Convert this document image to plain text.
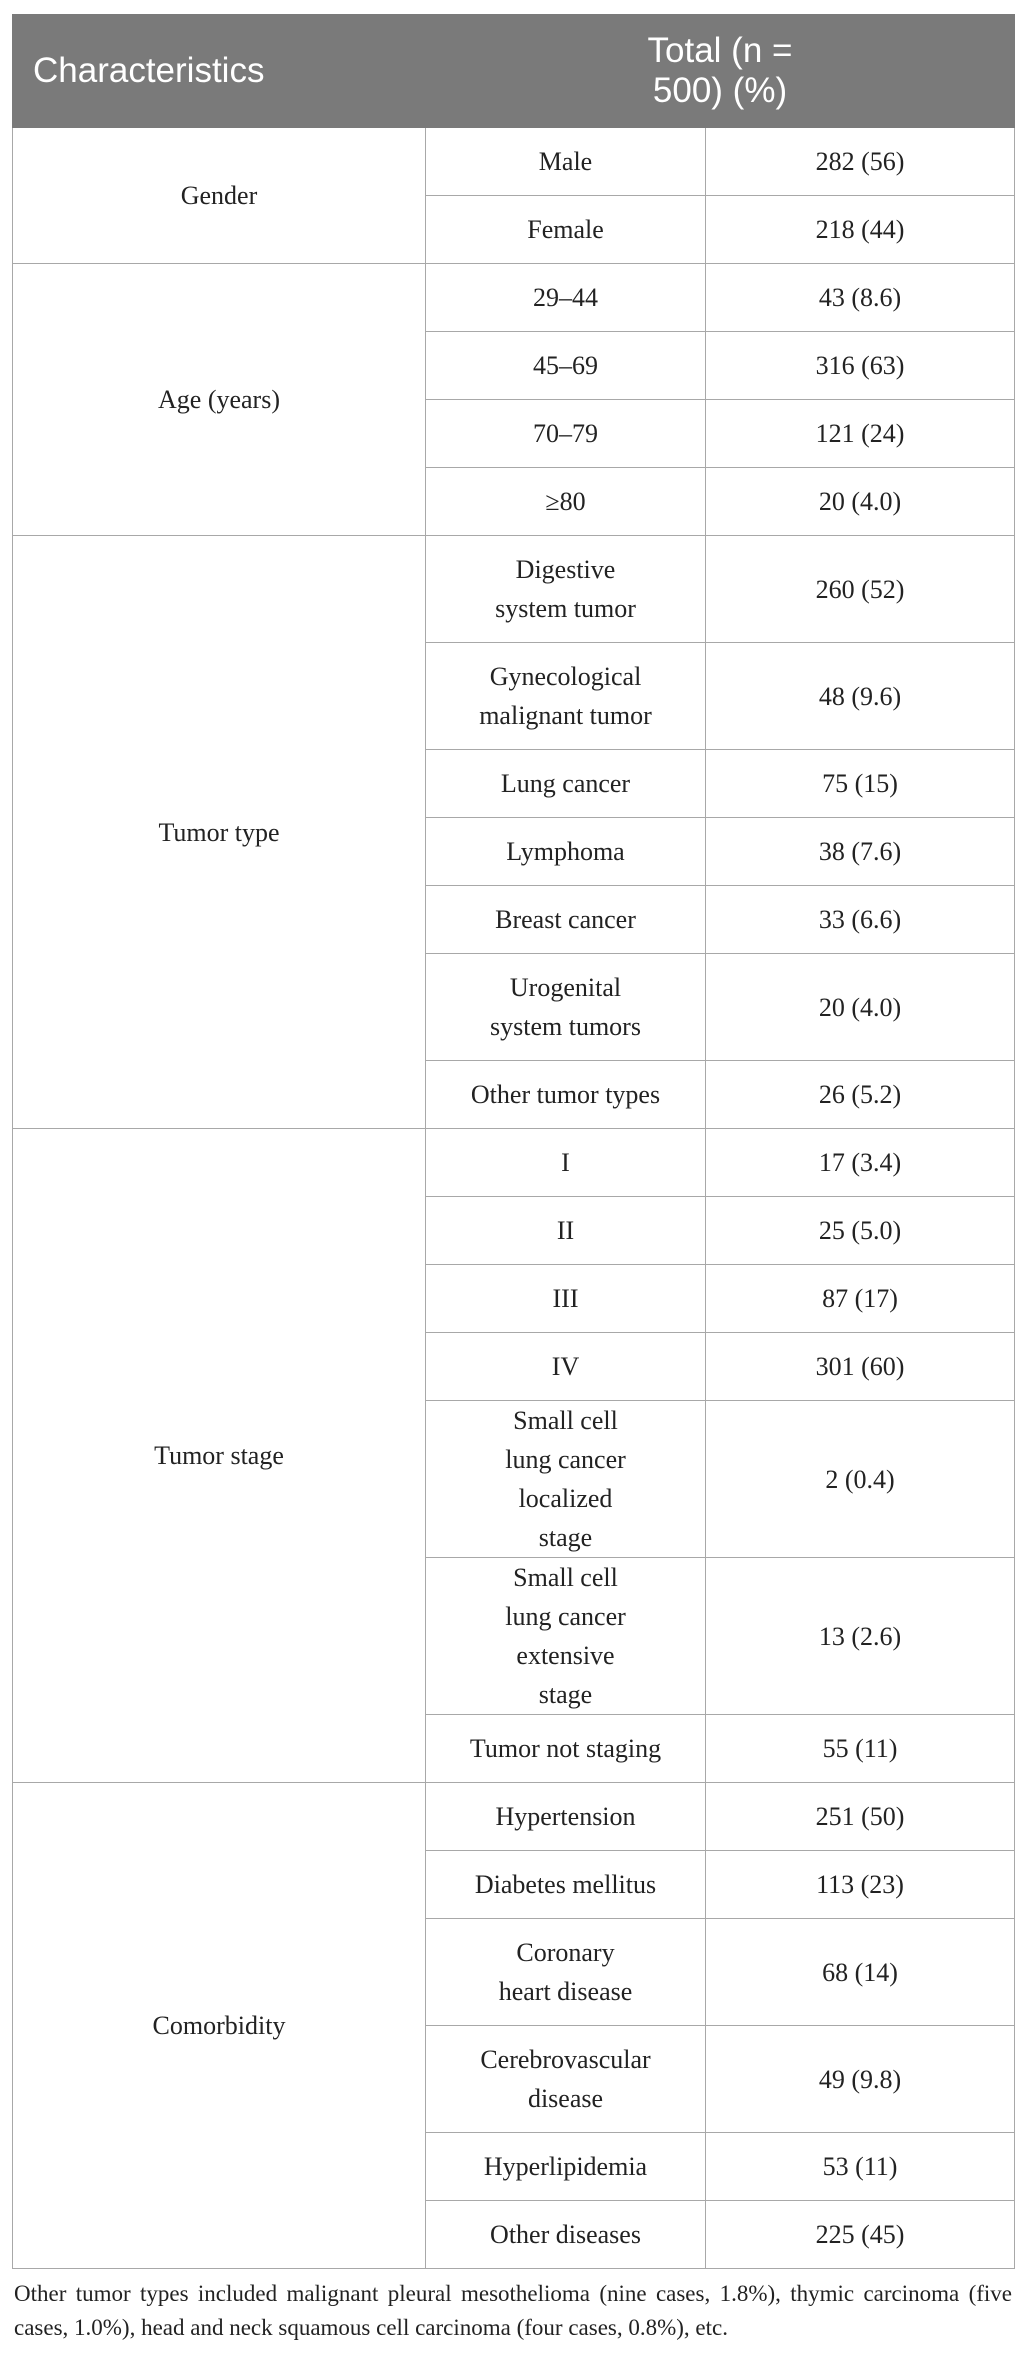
Characteristics	Total (n = 500) (%)	

Gender	Male	282 (56)
	Female	218 (44)
Age (years)	29–44	43 (8.6)
	45–69	316 (63)
	70–79	121 (24)
	≥80	20 (4.0)
Tumor type	Digestive system tumor	260 (52)

	Gynecological malignant tumor	48 (9.6)
	Lung cancer	75 (15)
	Lymphoma	38 (7.6)
	Breast cancer	33 (6.6)

	Urogenital system tumors	20 (4.0)
	Other tumor types	26 (5.2)
Tumor stage	I	17 (3.4)
	II	25 (5.0)
	III	87 (17)
	IV	301 (60)

	Small cell lung cancer localized stage	2 (0.4)

	Small cell lung cancer extensive stage	13 (2.6)
	Tumor not staging	55 (11)
Comorbidity	Hypertension	251 (50)
	Diabetes mellitus	113 (23)

	Coronary heart disease	68 (14)

	Cerebrovascular disease	49 (9.8)
	Hyperlipidemia	53 (11)
	Other diseases	225 (45)
Other tumor types included malignant pleural mesothelioma (nine cases, 1.8%), thymic carcinoma (five cases, 1.0%), head and neck squamous cell carcinoma (four cases, 0.8%), etc.
